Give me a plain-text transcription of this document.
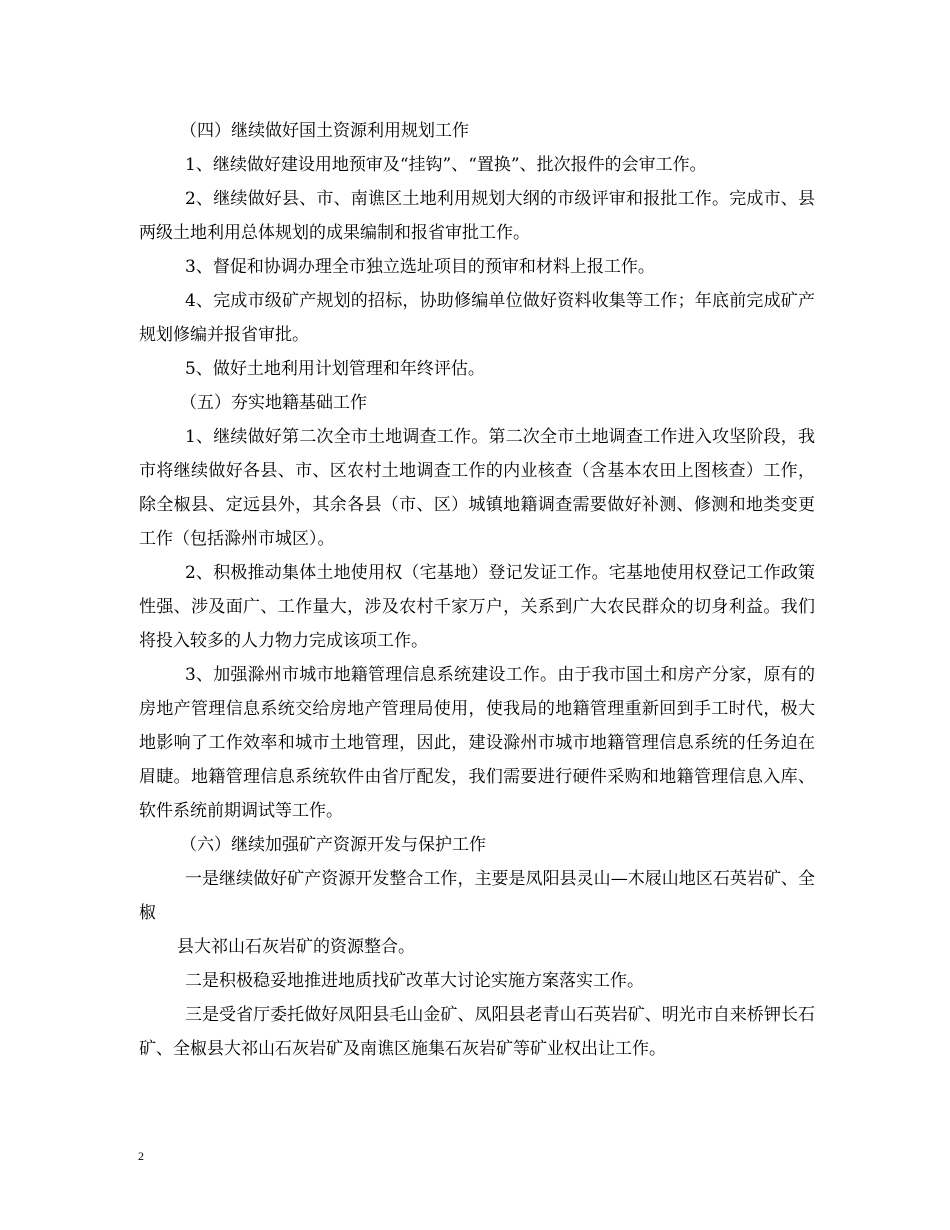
（四）继续做好国土资源利用规划工作

1、继续做好建设用地预审及“挂钩”、“置换”、批次报件的会审工作。

2、继续做好县、市、南谯区土地利用规划大纲的市级评审和报批工作。完成市、县两级土地利用总体规划的成果编制和报省审批工作。

3、督促和协调办理全市独立选址项目的预审和材料上报工作。

4、完成市级矿产规划的招标，协助修编单位做好资料收集等工作；年底前完成矿产规划修编并报省审批。

5、做好土地利用计划管理和年终评估。

（五）夯实地籍基础工作

1、继续做好第二次全市土地调查工作。第二次全市土地调查工作进入攻坚阶段，我市将继续做好各县、市、区农村土地调查工作的内业核查（含基本农田上图核查）工作，除全椒县、定远县外，其余各县（市、区）城镇地籍调查需要做好补测、修测和地类变更工作（包括滁州市城区）。

2、积极推动集体土地使用权（宅基地）登记发证工作。宅基地使用权登记工作政策性强、涉及面广、工作量大，涉及农村千家万户，关系到广大农民群众的切身利益。我们将投入较多的人力物力完成该项工作。

3、加强滁州市城市地籍管理信息系统建设工作。由于我市国土和房产分家，原有的房地产管理信息系统交给房地产管理局使用，使我局的地籍管理重新回到手工时代，极大地影响了工作效率和城市土地管理，因此，建设滁州市城市地籍管理信息系统的任务迫在眉睫。地籍管理信息系统软件由省厅配发，我们需要进行硬件采购和地籍管理信息入库、软件系统前期调试等工作。

（六）继续加强矿产资源开发与保护工作

一是继续做好矿产资源开发整合工作，主要是凤阳县灵山—木屐山地区石英岩矿、全椒

县大祁山石灰岩矿的资源整合。

二是积极稳妥地推进地质找矿改革大讨论实施方案落实工作。

三是受省厅委托做好凤阳县毛山金矿、凤阳县老青山石英岩矿、明光市自来桥钾长石矿、全椒县大祁山石灰岩矿及南谯区施集石灰岩矿等矿业权出让工作。

2
